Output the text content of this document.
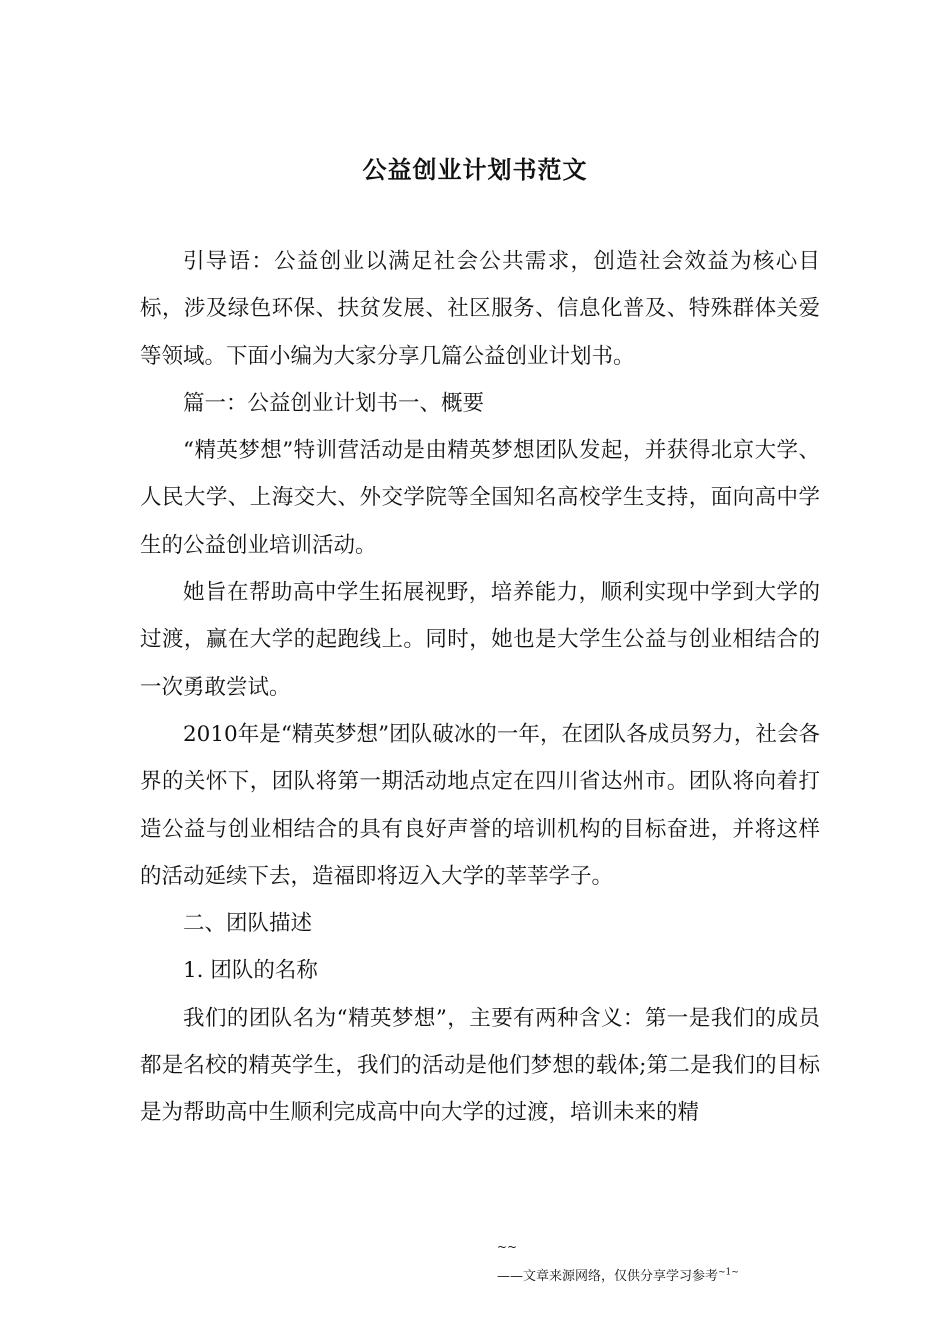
公益创业计划书范文

引导语：公益创业以满足社会公共需求，创造社会效益为核心目标，涉及绿色环保、扶贫发展、社区服务、信息化普及、特殊群体关爱等领域。下面小编为大家分享几篇公益创业计划书。

篇一：公益创业计划书一、概要

“精英梦想”特训营活动是由精英梦想团队发起，并获得北京大学、人民大学、上海交大、外交学院等全国知名高校学生支持，面向高中学生的公益创业培训活动。

她旨在帮助高中学生拓展视野，培养能力，顺利实现中学到大学的过渡，赢在大学的起跑线上。同时，她也是大学生公益与创业相结合的一次勇敢尝试。

2010年是“精英梦想”团队破冰的一年，在团队各成员努力，社会各界的关怀下，团队将第一期活动地点定在四川省达州市。团队将向着打造公益与创业相结合的具有良好声誉的培训机构的目标奋进，并将这样的活动延续下去，造福即将迈入大学的莘莘学子。

二、团队描述

1. 团队的名称

我们的团队名为“精英梦想”，主要有两种含义：第一是我们的成员都是名校的精英学生，我们的活动是他们梦想的载体;第二是我们的目标是为帮助高中生顺利完成高中向大学的过渡，培训未来的精

~~
——文章来源网络，仅供分享学习参考$^{\sim 1\sim}$
